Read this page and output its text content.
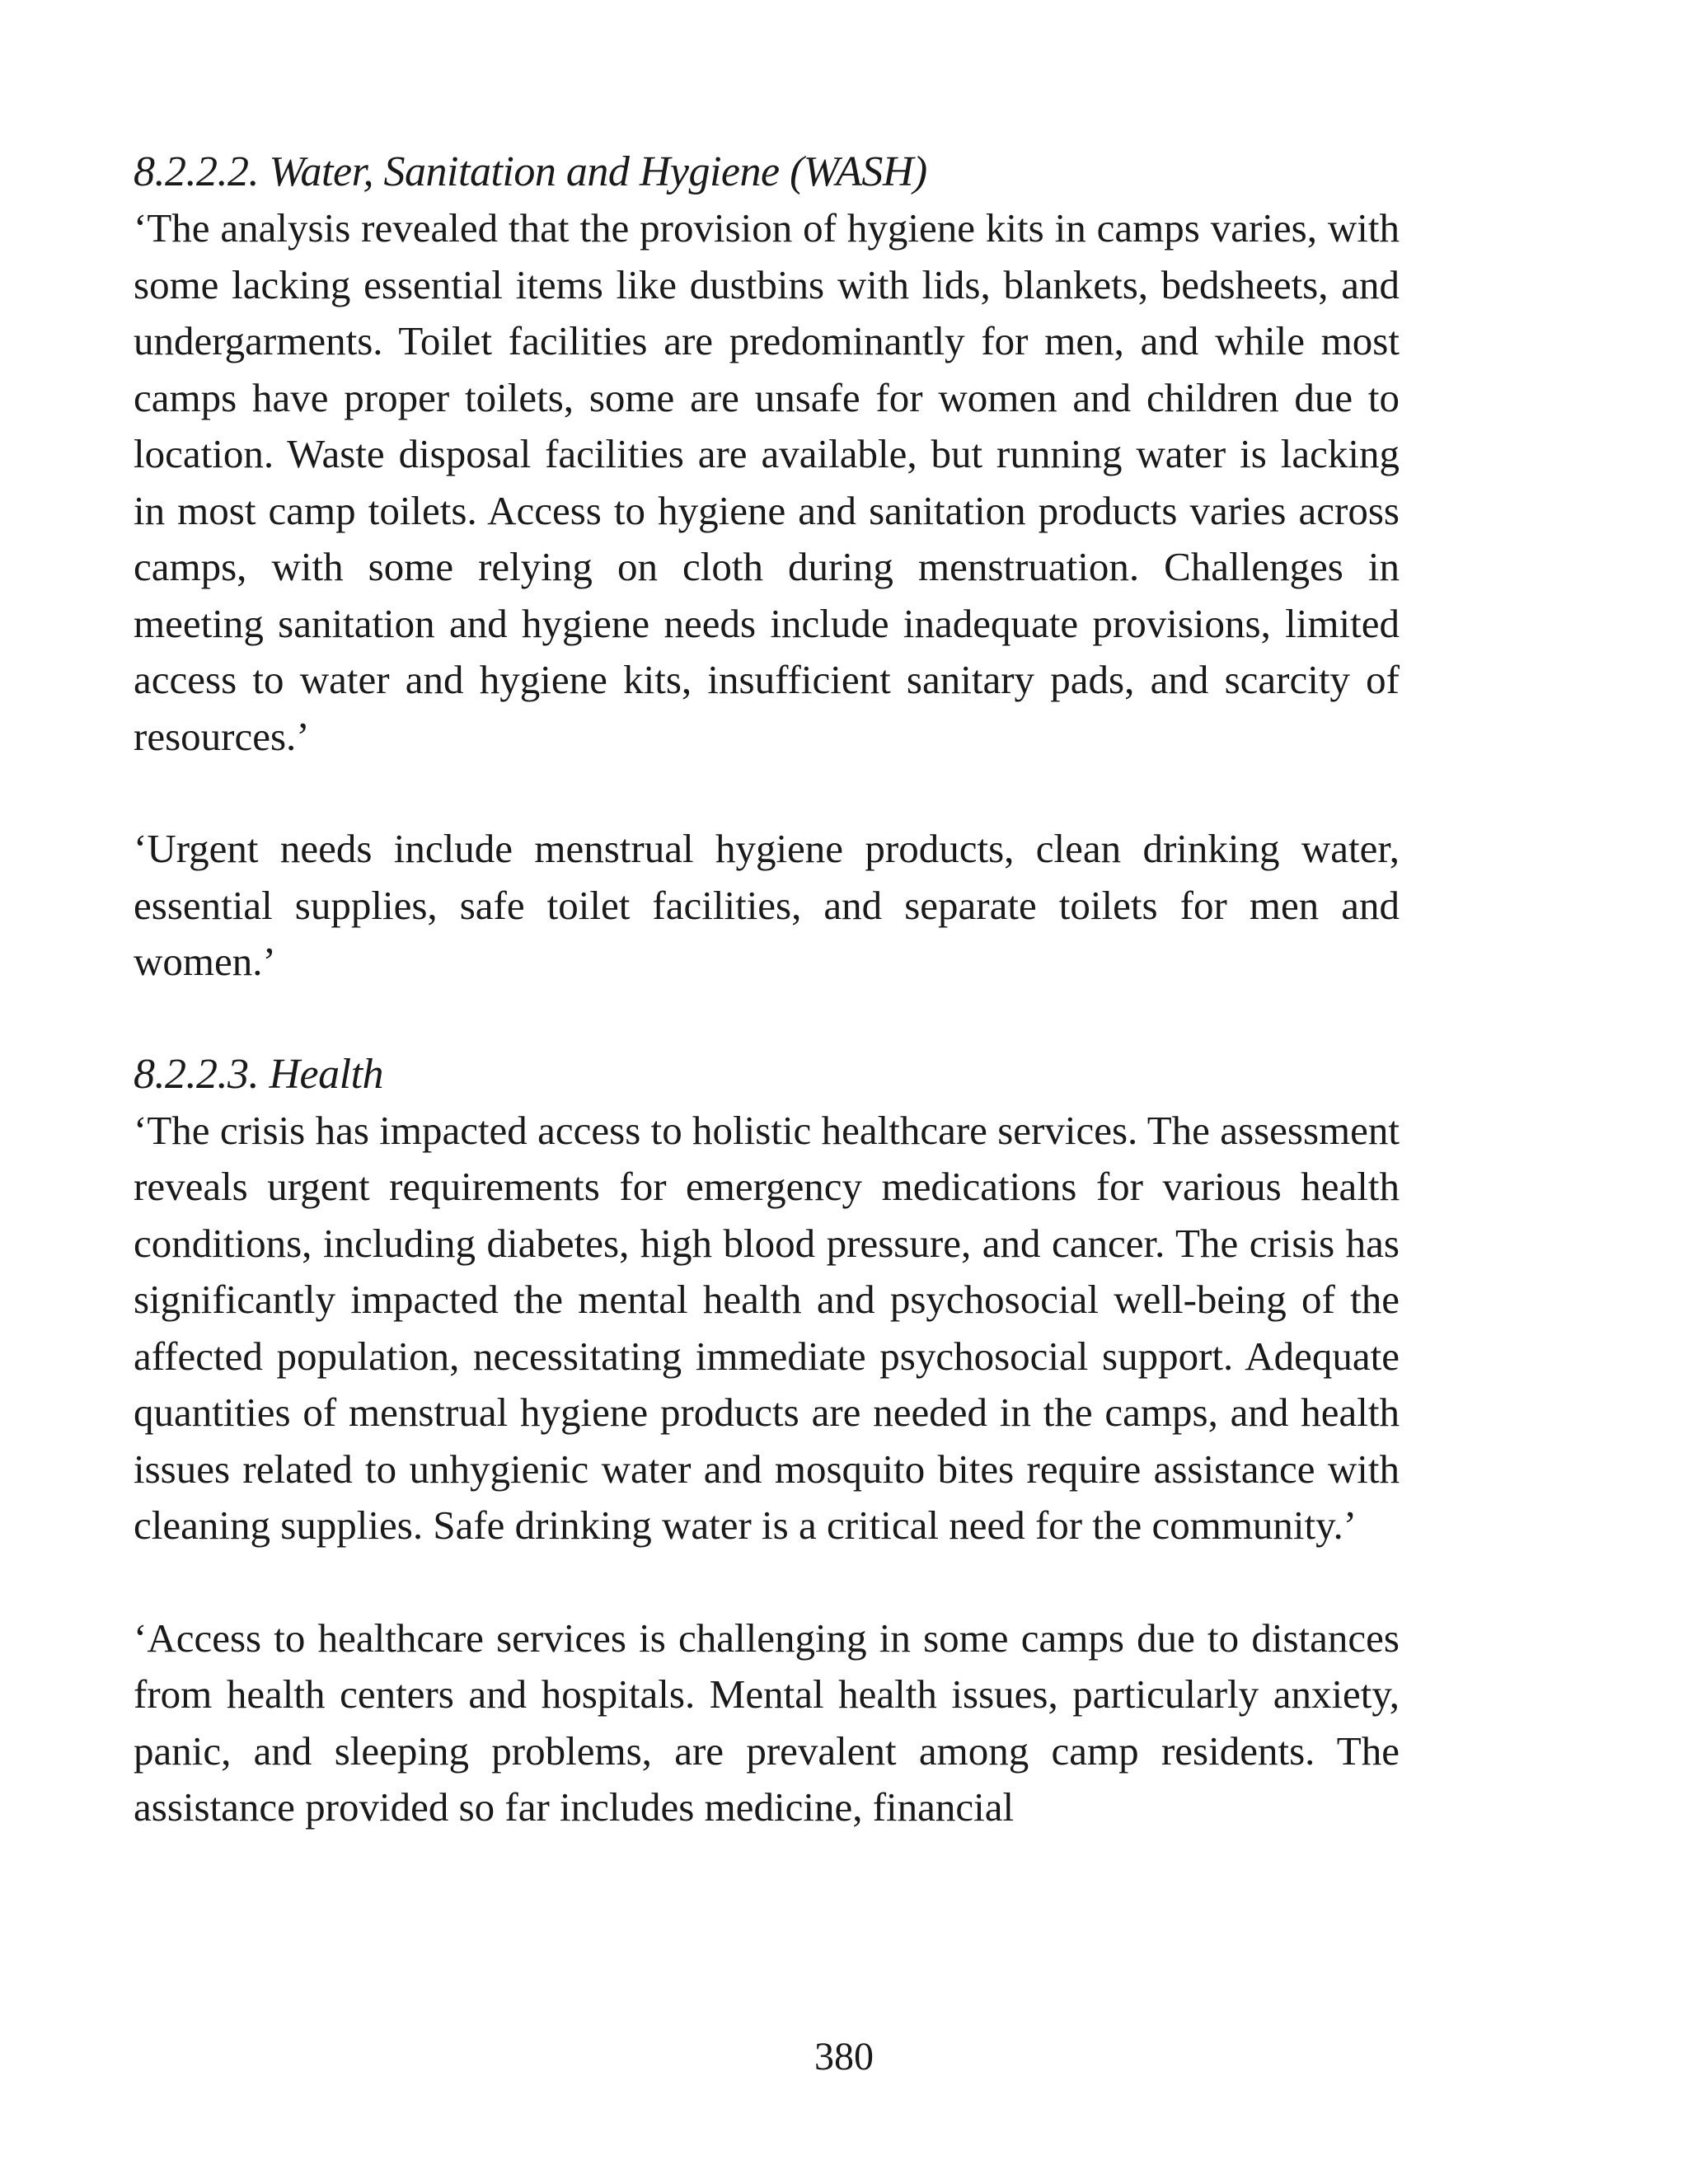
8.2.2.2. Water, Sanitation and Hygiene (WASH)

‘The analysis revealed that the provision of hygiene kits in camps varies, with some lacking essential items like dustbins with lids, blankets, bedsheets, and undergarments. Toilet facilities are predominantly for men, and while most camps have proper toilets, some are unsafe for women and children due to location. Waste disposal facilities are available, but running water is lacking in most camp toilets. Access to hygiene and sanitation products varies across camps, with some relying on cloth during menstruation. Challenges in meeting sanitation and hygiene needs include inadequate provisions, limited access to water and hygiene kits, insufficient sanitary pads, and scarcity of resources.’

‘Urgent needs include menstrual hygiene products, clean drinking water, essential supplies, safe toilet facilities, and separate toilets for men and women.’

8.2.2.3. Health

‘The crisis has impacted access to holistic healthcare services. The assessment reveals urgent requirements for emergency medications for various health conditions, including diabetes, high blood pressure, and cancer. The crisis has significantly impacted the mental health and psychosocial well-being of the affected population, necessitating immediate psychosocial support. Adequate quantities of menstrual hygiene products are needed in the camps, and health issues related to unhygienic water and mosquito bites require assistance with cleaning supplies. Safe drinking water is a critical need for the community.’

‘Access to healthcare services is challenging in some camps due to distances from health centers and hospitals. Mental health issues, particularly anxiety, panic, and sleeping problems, are prevalent among camp residents. The assistance provided so far includes medicine, financial

380
